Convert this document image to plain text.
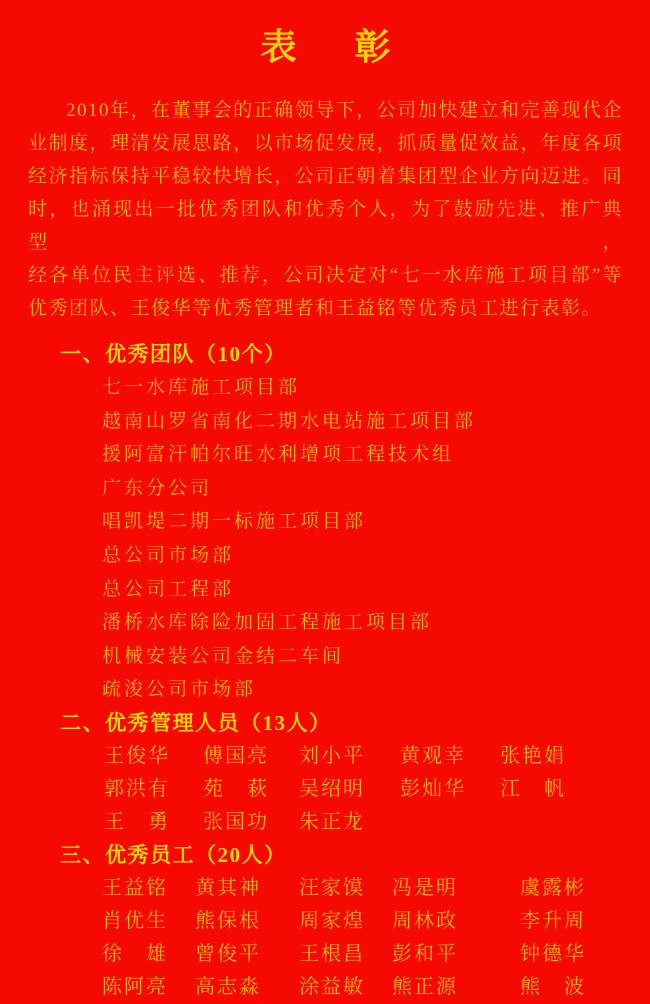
表 彰
2010年，在董事会的正确领导下，公司加快建立和完善现代企
业制度，理清发展思路，以市场促发展，抓质量促效益，年度各项
经济指标保持平稳较快增长，公司正朝着集团型企业方向迈进。同
时，也涌现出一批优秀团队和优秀个人，为了鼓励先进、推广典型，
经各单位民主评选、推荐，公司决定对“七一水库施工项目部”等
优秀团队、王俊华等优秀管理者和王益铭等优秀员工进行表彰。
一、优秀团队（10个）
七一水库施工项目部
越南山罗省南化二期水电站施工项目部
援阿富汗帕尔旺水利增项工程技术组
广东分公司
唱凯堤二期一标施工项目部
总公司市场部
总公司工程部
潘桥水库除险加固工程施工项目部
机械安装公司金结二车间
疏浚公司市场部
二、优秀管理人员（13人）
王俊华	傅国亮	刘小平	黄观幸	张艳娟
郭洪有	苑　萩	吴绍明	彭灿华	江　帆
王　勇	张国功	朱正龙
三、优秀员工（20人）
王益铭	黄其神	汪家馍	冯是明	虞露彬
肖优生	熊保根	周家煌	周林政	李升周
徐　雄	曾俊平	王根昌	彭和平	钟德华
陈阿亮	高志淼	涂益敏	熊正源	熊　波
